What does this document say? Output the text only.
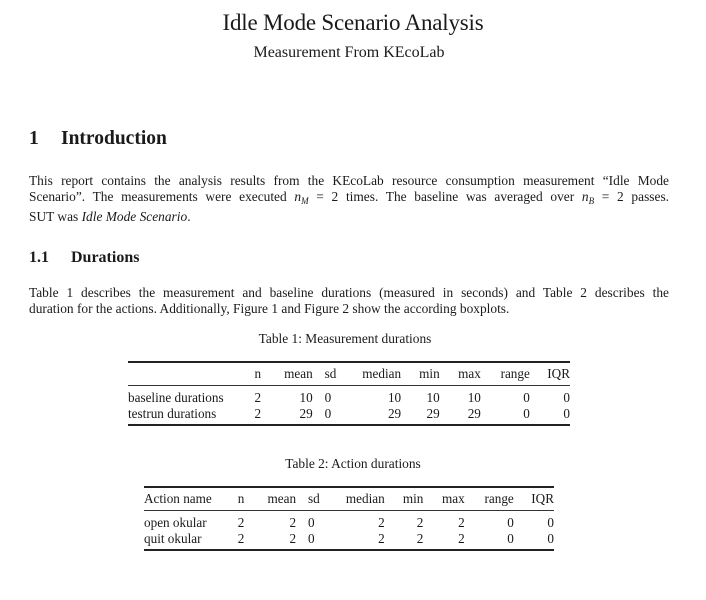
Idle Mode Scenario Analysis
Measurement From KEcoLab
1 Introduction
This report contains the analysis results from the KEcoLab resource consumption measurement “Idle Mode
Scenario”. The measurements were executed $n_M = 2$ times. The baseline was averaged over $n_B = 2$ passes.
SUT was Idle Mode Scenario.
1.1 Durations
Table 1 describes the measurement and baseline durations (measured in seconds) and Table 2 describes the
duration for the actions. Additionally, Figure 1 and Figure 2 show the according boxplots.
Table 1: Measurement durations
	n	mean	sd	median	min	max	range	IQR
baseline durations	2	10	0	10	10	10	0	0
testrun durations	2	29	0	29	29	29	0	0
Table 2: Action durations
Action name	n	mean	sd	median	min	max	range	IQR
open okular	2	2	0	2	2	2	0	0
quit okular	2	2	0	2	2	2	0	0
